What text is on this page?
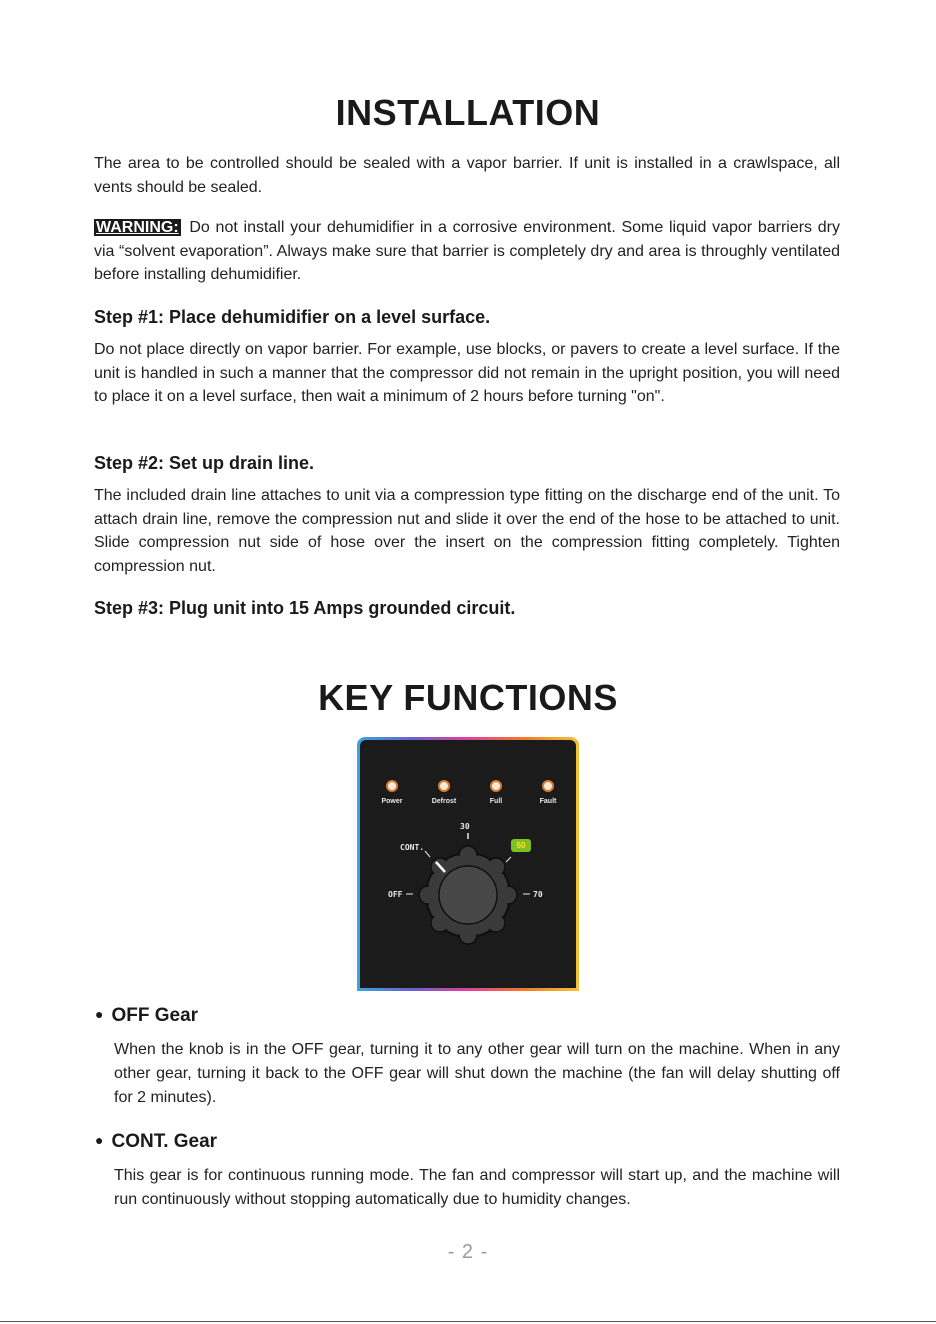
INSTALLATION

The area to be controlled should be sealed with a vapor barrier. If unit is installed in a crawlspace, all vents should be sealed.

WARNING: Do not install your dehumidifier in a corrosive environment. Some liquid vapor barriers dry via “solvent evaporation”. Always make sure that barrier is completely dry and area is throughly ventilated before installing dehumidifier.

Step #1: Place dehumidifier on a level surface.

Do not place directly on vapor barrier. For example, use blocks, or pavers to create a level surface. If the unit is handled in such a manner that the compressor did not remain in the upright position, you will need to place it on a level surface, then wait a minimum of 2 hours before turning "on".

Step #2: Set up drain line.

The included drain line attaches to unit via a compression type fitting on the discharge end of the unit. To attach drain line, remove the compression nut and slide it over the end of the hose to be attached to unit. Slide compression nut side of hose over the insert on the compression fitting completely. Tighten compression nut.

Step #3: Plug unit into 15 Amps grounded circuit.
KEY FUNCTIONS
Power	Defrost	Full	Fault
30
CONT.	50
OFF	70
● OFF Gear

When the knob is in the OFF gear, turning it to any other gear will turn on the machine. When in any other gear, turning it back to the OFF gear will shut down the machine (the fan will delay shutting off for 2 minutes).

● CONT. Gear

This gear is for continuous running mode. The fan and compressor will start up, and the machine will run continuously without stopping automatically due to humidity changes.

- 2 -
